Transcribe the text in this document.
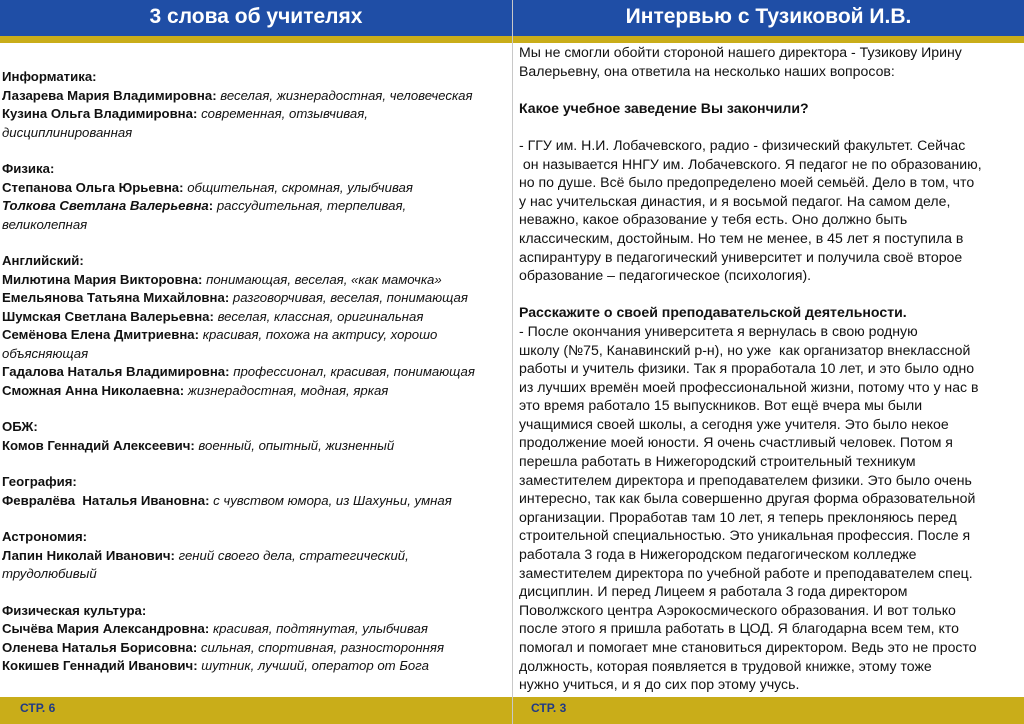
3 слова об учителях
Информатика:
Лазарева Мария Владимировна: веселая, жизнерадостная, человеческая
Кузина Ольга Владимировна: современная, отзывчивая, дисциплинированная
Физика:
Степанова Ольга Юрьевна: общительная, скромная, улыбчивая
Толкова Светлана Валерьевна: рассудительная, терпеливая, великолепная
Английский:
Милютина Мария Викторовна: понимающая, веселая, «как мамочка»
Емельянова Татьяна Михайловна: разговорчивая, веселая, понимающая
Шумская Светлана Валерьевна: веселая, классная, оригинальная
Семёнова Елена Дмитриевна: красивая, похожа на актрису, хорошо объясняющая
Гадалова Наталья Владимировна: профессионал, красивая, понимающая
Сможная Анна Николаевна: жизнерадостная, модная, яркая
ОБЖ:
Комов Геннадий Алексеевич: военный, опытный, жизненный
География:
Февралёва  Наталья Ивановна: с чувством юмора, из Шахуньи, умная
Астрономия:
Лапин Николай Иванович: гений своего дела, стратегический, трудолюбивый
Физическая культура:
Сычёва Мария Александровна: красивая, подтянутая, улыбчивая
Оленева Наталья Борисовна: сильная, спортивная, разносторонняя
Кокишев Геннадий Иванович: шутник, лучший, оператор от Бога
СТР. 6
Интервью с Тузиковой И.В.

Мы не смогли обойти стороной нашего директора - Тузикову Ирину

Валерьевну, она ответила на несколько наших вопросов:

Какое учебное заведение Вы закончили?

- ГГУ им. Н.И. Лобачевского, радио - физический факультет. Сейчас

он называется ННГУ им. Лобачевского. Я педагог не по образованию,

но по душе. Всё было предопределено моей семьёй. Дело в том, что

у нас учительская династия, и я восьмой педагог. На самом деле,

неважно, какое образование у тебя есть. Оно должно быть

классическим, достойным. Но тем не менее, в 45 лет я поступила в

аспирантуру в педагогический университет и получила своё второе

образование – педагогическое (психология).

Расскажите о своей преподавательской деятельности.

- После окончания университета я вернулась в свою родную

школу (№75, Канавинский р-н), но уже  как организатор внеклассной

работы и учитель физики. Так я проработала 10 лет, и это было одно

из лучших времён моей профессиональной жизни, потому что у нас в

это время работало 15 выпускников. Вот ещё вчера мы были

учащимися своей школы, а сегодня уже учителя. Это было некое

продолжение моей юности. Я очень счастливый человек. Потом я

перешла работать в Нижегородский строительный техникум

заместителем директора и преподавателем физики. Это было очень

интересно, так как была совершенно другая форма образовательной

организации. Проработав там 10 лет, я теперь преклоняюсь перед

строительной специальностью. Это уникальная профессия. После я

работала 3 года в Нижегородском педагогическом колледже

заместителем директора по учебной работе и преподавателем спец.

дисциплин. И перед Лицеем я работала 3 года директором

Поволжского центра Аэрокосмического образования. И вот только

после этого я пришла работать в ЦОД. Я благодарна всем тем, кто

помогал и помогает мне становиться директором. Ведь это не просто

должность, которая появляется в трудовой книжке, этому тоже

нужно учиться, и я до сих пор этому учусь.

СТР. 3
